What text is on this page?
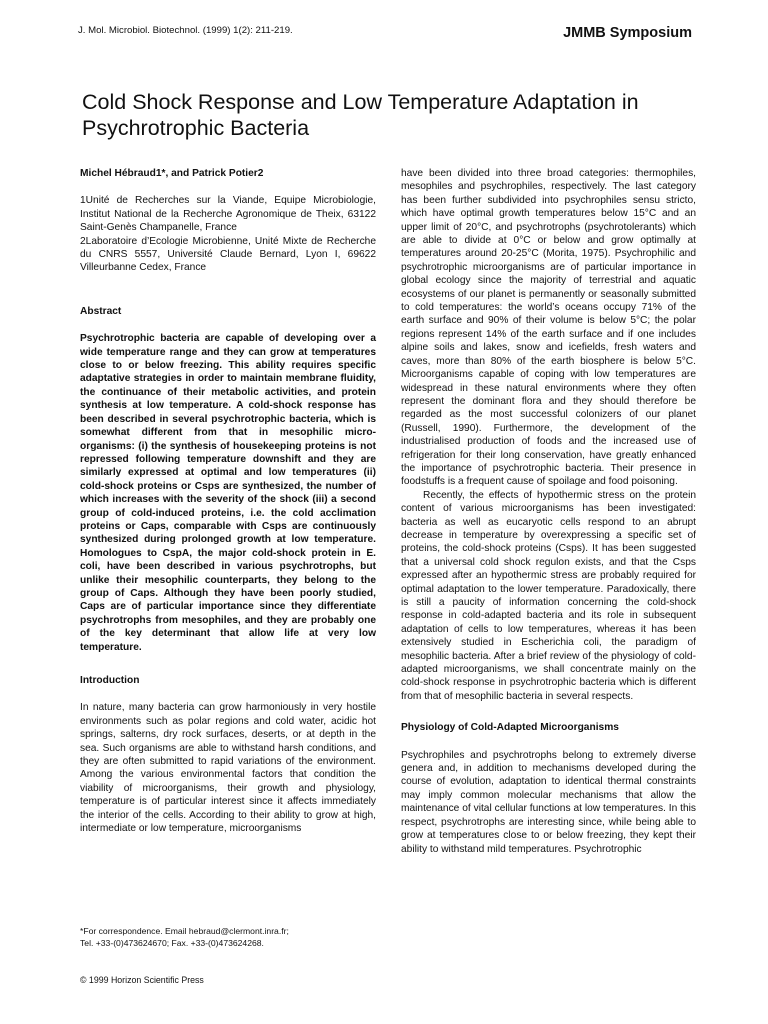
J. Mol. Microbiol. Biotechnol. (1999) 1(2): 211-219.	JMMB Symposium
Cold Shock Response and Low Temperature Adaptation in Psychrotrophic Bacteria

Michel Hébraud1*, and Patrick Potier2

1Unité de Recherches sur la Viande, Equipe Microbiologie, Institut National de la Recherche Agronomique de Theix, 63122 Saint-Genès Champanelle, France

2Laboratoire d’Ecologie Microbienne, Unité Mixte de Recherche du CNRS 5557, Université Claude Bernard, Lyon I, 69622 Villeurbanne Cedex, France

Abstract

Psychrotrophic bacteria are capable of developing over a wide temperature range and they can grow at temperatures close to or below freezing. This ability requires specific adaptative strategies in order to maintain membrane fluidity, the continuance of their metabolic activities, and protein synthesis at low temperature. A cold-shock response has been described in several psychrotrophic bacteria, which is somewhat different from that in mesophilic micro-organisms: (i) the synthesis of housekeeping proteins is not repressed following temperature downshift and they are similarly expressed at optimal and low temperatures (ii) cold-shock proteins or Csps are synthesized, the number of which increases with the severity of the shock (iii) a second group of cold-induced proteins, i.e. the cold acclimation proteins or Caps, comparable with Csps are continuously synthesized during prolonged growth at low temperature. Homologues to CspA, the major cold-shock protein in E. coli, have been described in various psychrotrophs, but unlike their mesophilic counterparts, they belong to the group of Caps. Although they have been poorly studied, Caps are of particular importance since they differentiate psychrotrophs from mesophiles, and they are probably one of the key determinant that allow life at very low temperature.

Introduction

In nature, many bacteria can grow harmoniously in very hostile environments such as polar regions and cold water, acidic hot springs, salterns, dry rock surfaces, deserts, or at depth in the sea. Such organisms are able to withstand harsh conditions, and they are often submitted to rapid variations of the environment. Among the various environmental factors that condition the viability of microorganisms, their growth and physiology, temperature is of particular interest since it affects immediately the interior of the cells. According to their ability to grow at high, intermediate or low temperature, microorganisms

*For correspondence. Email hebraud@clermont.inra.fr;
Tel. +33-(0)473624670; Fax. +33-(0)473624268.
© 1999 Horizon Scientific Press

have been divided into three broad categories: thermophiles, mesophiles and psychrophiles, respectively. The last category has been further subdivided into psychrophiles sensu stricto, which have optimal growth temperatures below 15°C and an upper limit of 20°C, and psychrotrophs (psychrotolerants) which are able to divide at 0°C or below and grow optimally at temperatures around 20-25°C (Morita, 1975). Psychrophilic and psychrotrophic microorganisms are of particular importance in global ecology since the majority of terrestrial and aquatic ecosystems of our planet is permanently or seasonally submitted to cold temperatures: the world’s oceans occupy 71% of the earth surface and 90% of their volume is below 5°C; the polar regions represent 14% of the earth surface and if one includes alpine soils and lakes, snow and icefields, fresh waters and caves, more than 80% of the earth biosphere is below 5°C. Microorganisms capable of coping with low temperatures are widespread in these natural environments where they often represent the dominant flora and they should therefore be regarded as the most successful colonizers of our planet (Russell, 1990). Furthermore, the development of the industrialised production of foods and the increased use of refrigeration for their long conservation, have greatly enhanced the importance of psychrotrophic bacteria. Their presence in foodstuffs is a frequent cause of spoilage and food poisoning.

Recently, the effects of hypothermic stress on the protein content of various microorganisms has been investigated: bacteria as well as eucaryotic cells respond to an abrupt decrease in temperature by overexpressing a specific set of proteins, the cold-shock proteins (Csps). It has been suggested that a universal cold shock regulon exists, and that the Csps expressed after an hypothermic stress are probably required for optimal adaptation to the lower temperature. Paradoxically, there is still a paucity of information concerning the cold-shock response in cold-adapted bacteria and its role in subsequent adaptation of cells to low temperatures, whereas it has been extensively studied in Escherichia coli, the paradigm of mesophilic bacteria. After a brief review of the physiology of cold-adapted microorganisms, we shall concentrate mainly on the cold-shock response in psychrotrophic bacteria which is different from that of mesophilic bacteria in several respects.

Physiology of Cold-Adapted Microorganisms

Psychrophiles and psychrotrophs belong to extremely diverse genera and, in addition to mechanisms developed during the course of evolution, adaptation to identical thermal constraints may imply common molecular mechanisms that allow the maintenance of vital cellular functions at low temperatures. In this respect, psychrotrophs are interesting since, while being able to grow at temperatures close to or below freezing, they kept their ability to withstand mild temperatures. Psychrotrophic
